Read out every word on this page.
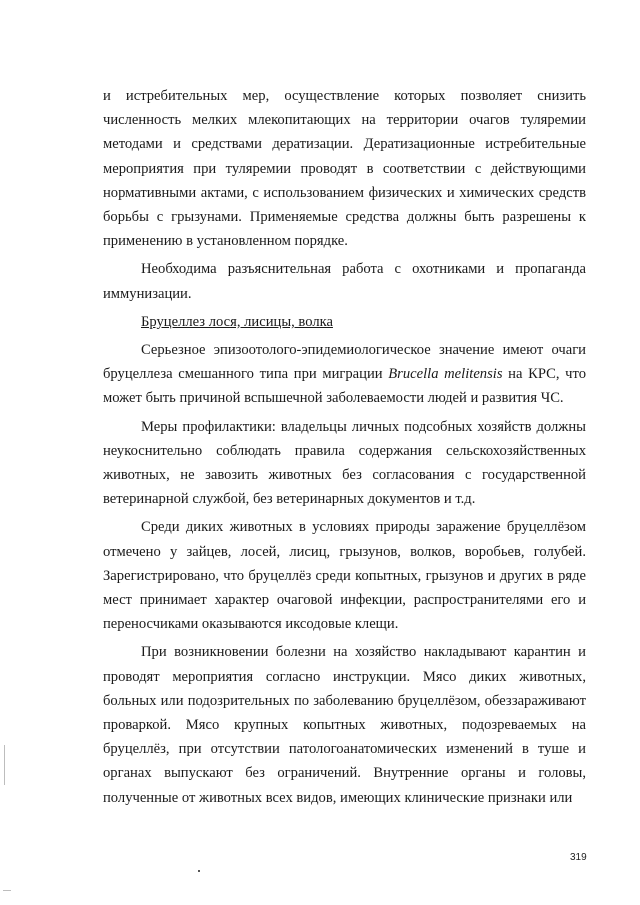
и истребительных мер, осуществление которых позволяет снизить численность мелких млекопитающих на территории очагов туляремии методами и средствами дератизации. Дератизационные истребительные мероприятия при туляремии проводят в соответствии с действующими нормативными актами, с использованием физических и химических средств борьбы с грызунами. Применяемые средства должны быть разрешены к применению в установленном порядке.

Необходима разъяснительная работа с охотниками и пропаганда иммунизации.

Бруцеллез лося, лисицы, волка

Серьезное эпизоотолого-эпидемиологическое значение имеют очаги бруцеллеза смешанного типа при миграции Brucella melitensis на КРС, что может быть причиной вспышечной заболеваемости людей и развития ЧС.

Меры профилактики: владельцы личных подсобных хозяйств должны неукоснительно соблюдать правила содержания сельскохозяйственных животных, не завозить животных без согласования с государственной ветеринарной службой, без ветеринарных документов и т.д.

Среди диких животных в условиях природы заражение бруцеллёзом отмечено у зайцев, лосей, лисиц, грызунов, волков, воробьев, голубей. Зарегистрировано, что бруцеллёз среди копытных, грызунов и других в ряде мест принимает характер очаговой инфекции, распространителями его и переносчиками оказываются иксодовые клещи.

При возникновении болезни на хозяйство накладывают карантин и проводят мероприятия согласно инструкции. Мясо диких животных, больных или подозрительных по заболеванию бруцеллёзом, обеззараживают проваркой. Мясо крупных копытных животных, подозреваемых на бруцеллёз, при отсутствии патологоанатомических изменений в туше и органах выпускают без ограничений. Внутренние органы и головы, полученные от животных всех видов, имеющих клинические признаки или

319
